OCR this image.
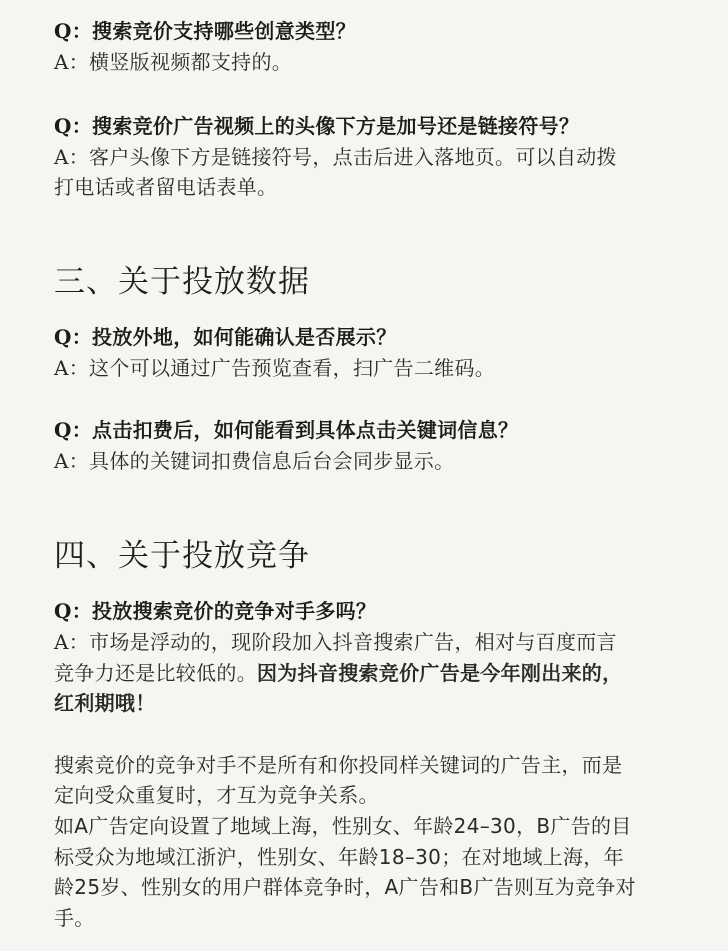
Q：搜索竞价支持哪些创意类型？
A：横竖版视频都支持的。
Q：搜索竞价广告视频上的头像下方是加号还是链接符号？
A：客户头像下方是链接符号，点击后进入落地页。可以自动拨
打电话或者留电话表单。
三、关于投放数据
Q：投放外地，如何能确认是否展示？
A：这个可以通过广告预览查看，扫广告二维码。
Q：点击扣费后，如何能看到具体点击关键词信息？
A：具体的关键词扣费信息后台会同步显示。
四、关于投放竞争
Q：投放搜索竞价的竞争对手多吗？
A：市场是浮动的，现阶段加入抖音搜索广告，相对与百度而言
竞争力还是比较低的。因为抖音搜索竞价广告是今年刚出来的，
红利期哦！
搜索竞价的竞争对手不是所有和你投同样关键词的广告主，而是
定向受众重复时，才互为竞争关系。
如A广告定向设置了地域上海，性别女、年龄24–30，B广告的目
标受众为地域江浙沪，性别女、年龄18–30；在对地域上海，年
龄25岁、性别女的用户群体竞争时，A广告和B广告则互为竞争对
手。
